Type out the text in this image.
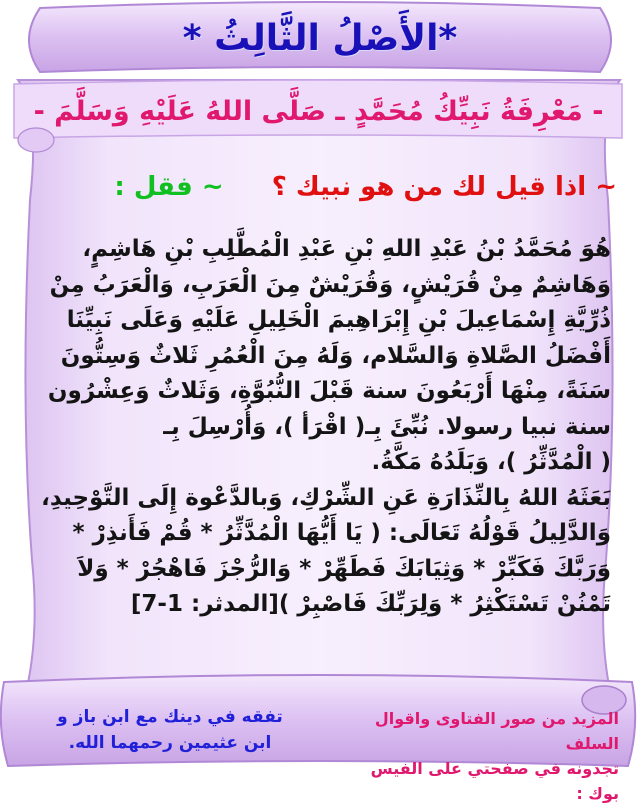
*الأَصْلُ الثَّالِثُ *
- مَعْرِفَةُ نَبِيِّكُ مُحَمَّدٍ ـ صَلَّى اللهُ عَلَيْهِ وَسَلَّمَ -
~ اذا قيل لك من هو نبيك ؟  ~ فقل :
هُوَ مُحَمَّدُ بْنُ عَبْدِ اللهِ بْنِ عَبْدِ الْمُطَّلِبِ بْنِ هَاشِمٍ،
وَهَاشِمٌ مِنْ قُرَيْشٍ، وَقُرَيْشٌ مِنَ الْعَرَبِ، وَالْعَرَبُ مِنْ
ذُرِّيَّةِ إِسْمَاعِيلَ بْنِ إِبْرَاهِيمَ الْخَلِيلِ عَلَيْهِ وَعَلَى نَبِيِّنَا
أَفْضَلُ الصَّلاةِ وَالسَّلام، وَلَهُ مِنَ الْعُمُرِ ثَلاثٌ وَسِتُّونَ
سَنَةً، مِنْهَا أَرْبَعُونَ سنة قَبْلَ النُّبُوَّةِ، وَثَلاثٌ وَعِشْرُون
سنة نبيا رسولا. نُبِّئَ بِـ( اقْرَأ )، وَأُرْسِلَ بِـ
( الْمُدَّثِّرُ )، وَبَلَدُهُ مَكَّةُ.
بَعَثَهُ اللهُ بِالنِّذَارَةِ عَنِ الشِّرْكِ، وَبالدَّعْوة إِلَى التَّوْحِيدِ،
وَالدَّلِيلُ قَوْلُهُ تَعَالَى: ( يَا أَيُّهَا الْمُدَّثِّرُ * قُمْ فَأَنذِرْ *
وَرَبَّكَ فَكَبِّرْ * وَثِيَابَكَ فَطَهِّرْ * وَالرُّجْزَ فَاهْجُرْ * وَلاَ
تَمْنُنْ تَسْتَكْثِرُ * وَلِرَبِّكَ فَاصْبِرْ )[المدثر: 1-7]
المزيد من صور الفتاوى واقوال السلف
تجدونه في صفحتي على الفيس بوك :
تفقه في دينك مع ابن باز و
ابن عثيمين رحمهما الله.
